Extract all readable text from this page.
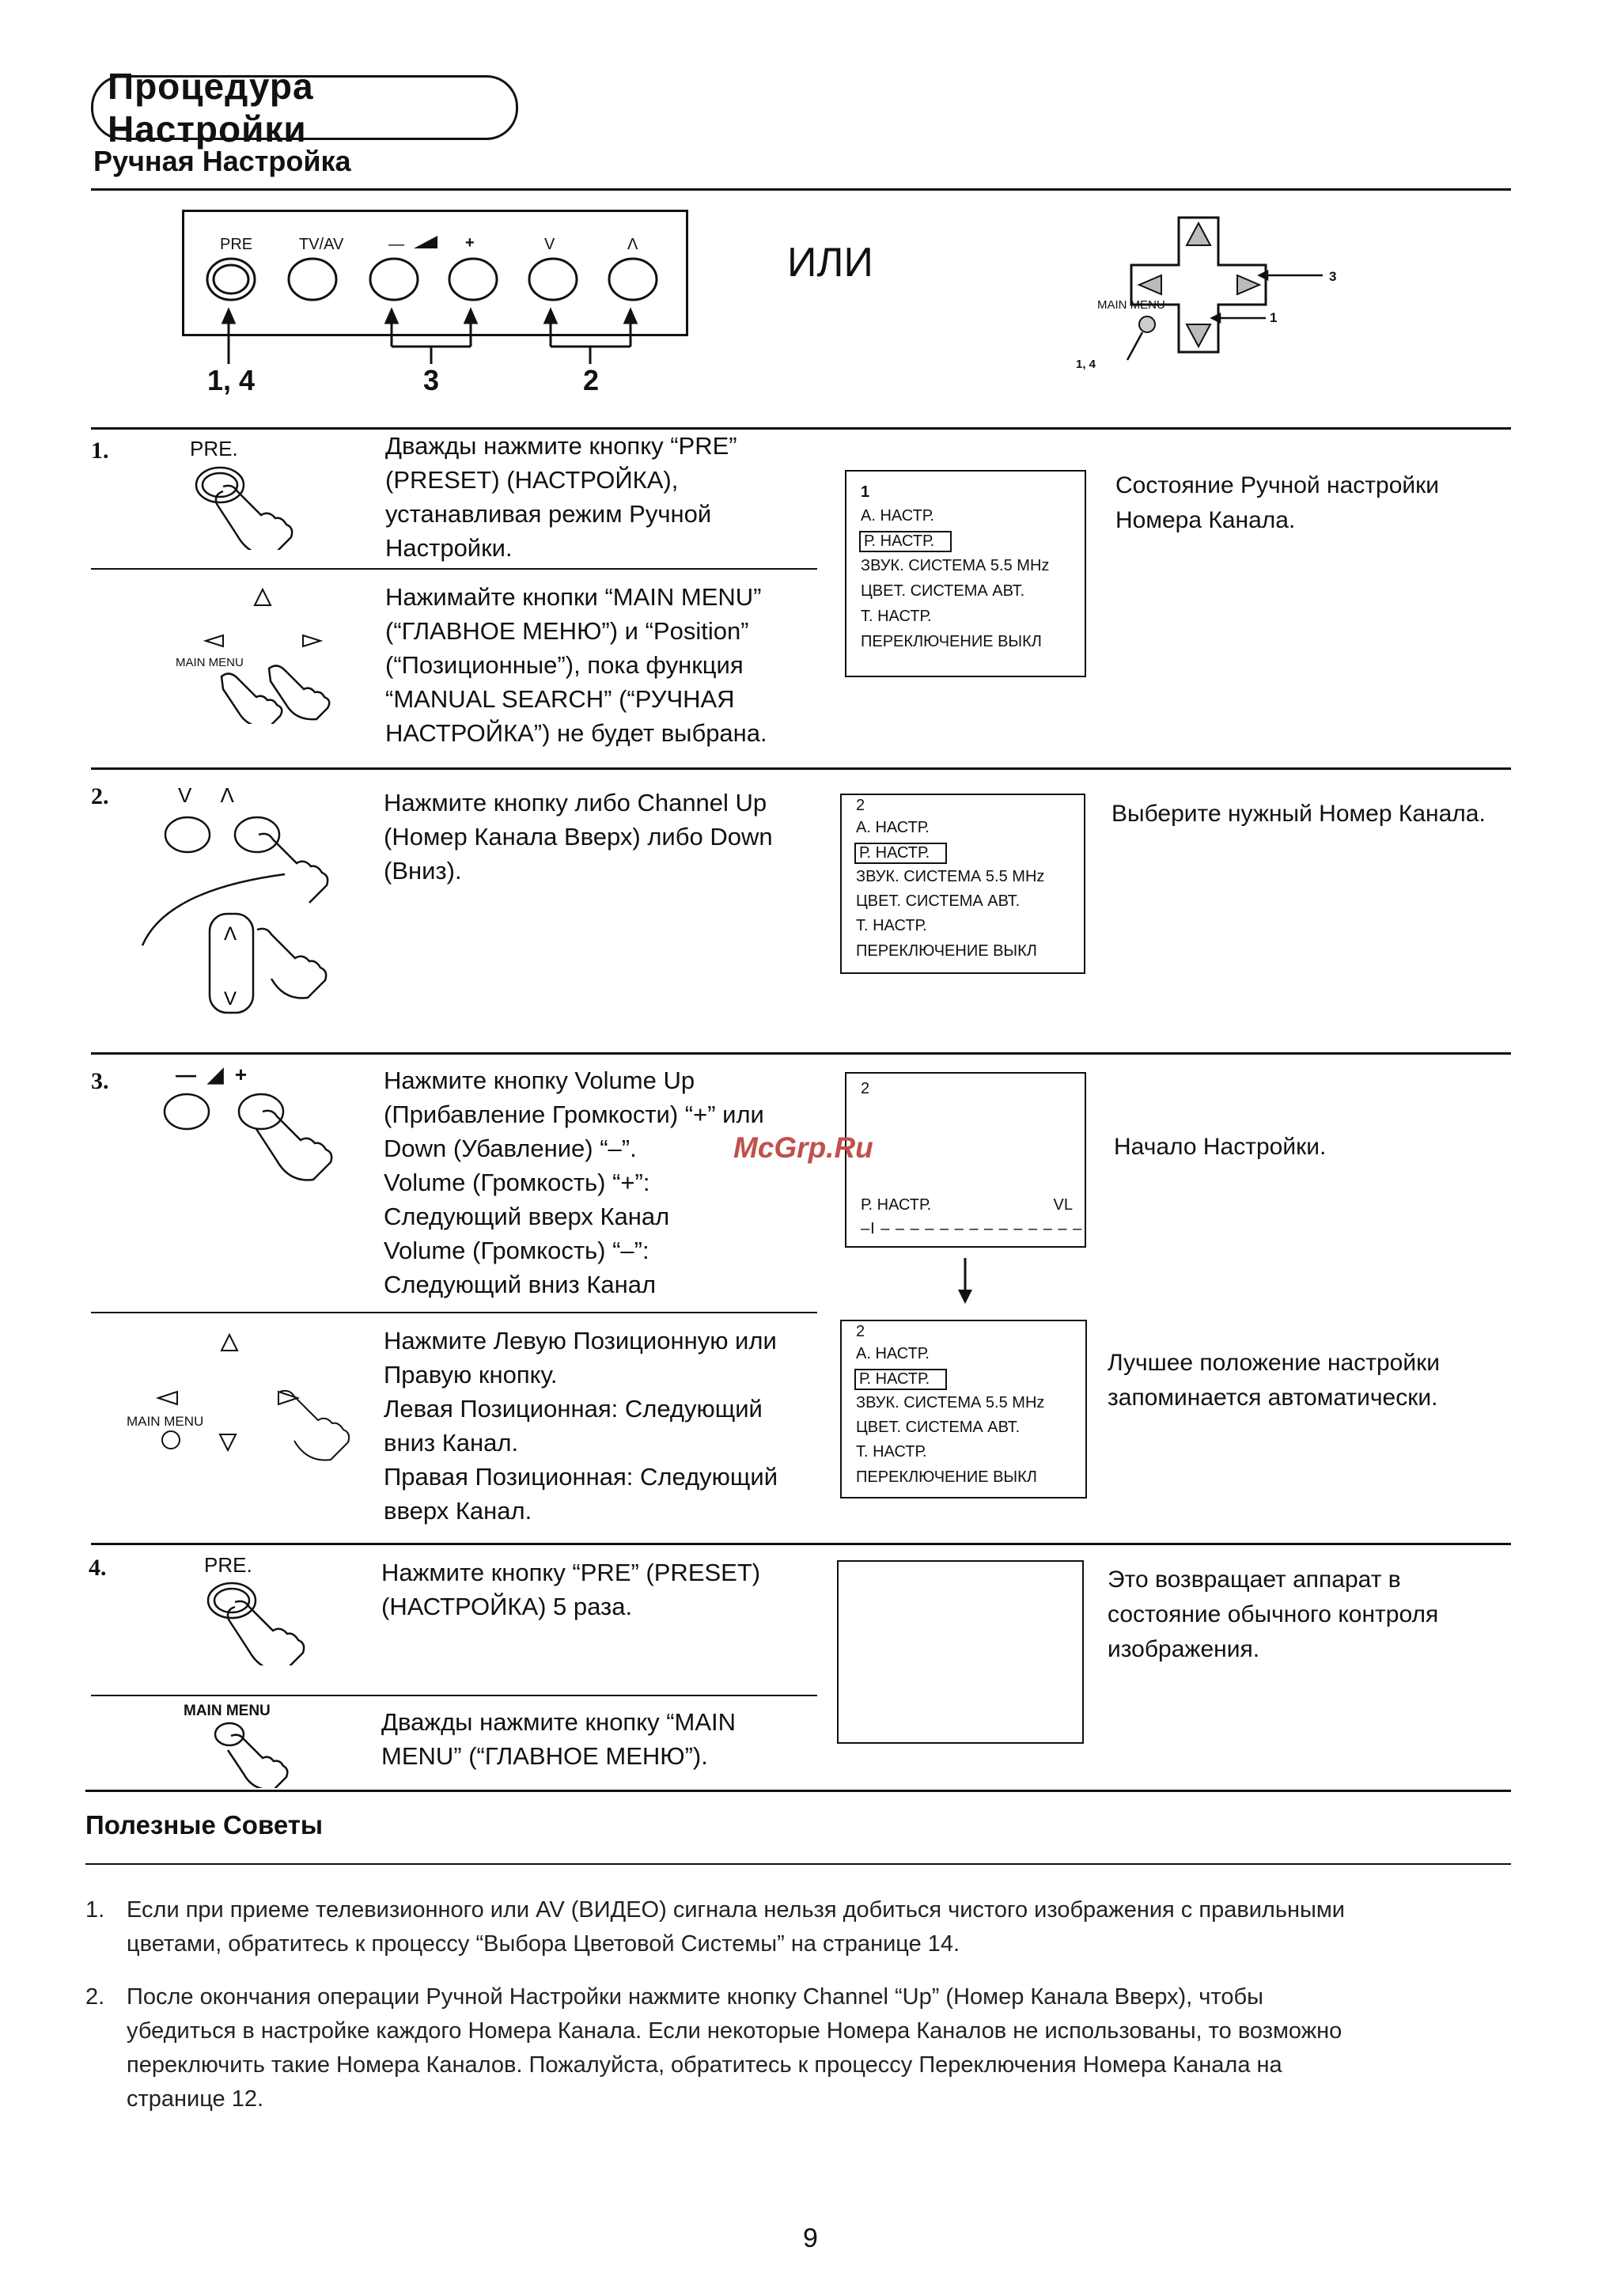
Процедура Настройки
Ручная Настройка
PRE	TV/AV	—	+	V	Λ
1, 4	3	2
ИЛИ
MAIN MENU
3
1
1, 4
1.	PRE.	Дважды нажмите кнопку “PRE”
(PRESET) (НАСТРОЙКА),
устанавливая режим Ручной
Настройки.
MAIN MENU
Нажимайте кнопки “MAIN MENU”
(“ГЛАВНОЕ МЕНЮ”) и “Position”
(“Позиционные”), пока функция
“MANUAL SEARCH” (“РУЧНАЯ
НАСТРОЙКА”) не будет выбрана.
1
А. НАСТР.
Р. НАСТР.
ЗВУК. СИСТЕМА 5.5 MHz
ЦВЕТ. СИСТЕМА АВТ.
Т. НАСТР.
ПЕРЕКЛЮЧЕНИЕ ВЫКЛ
Состояние Ручной настройки
Номера Канала.
2.	V     Λ
Λ
V
Нажмите кнопку либо Channel Up
(Номер Канала Вверх) либо Down
(Вниз).
2
А. НАСТР.
Р. НАСТР.
ЗВУК. СИСТЕМА 5.5 MHz
ЦВЕТ. СИСТЕМА АВТ.
Т. НАСТР.
ПЕРЕКЛЮЧЕНИЕ ВЫКЛ
Выберите нужный Номер Канала.
3.	—  ◢  +	Нажмите кнопку Volume Up
(Прибавление Громкости) “+” или
Down (Убавление) “–”.
Volume (Громкость) “+”:
Следующий вверх Канал
Volume (Громкость) “–”:
Следующий вниз Канал
2
Р. НАСТР.	VL
–I – – – – – – – – – – – – – –
Начало Настройки.
MAIN MENU
Нажмите Левую Позиционную или
Правую кнопку.
Левая Позиционная: Следующий
вниз Канал.
Правая Позиционная: Следующий
вверх Канал.
2
А. НАСТР.
Р. НАСТР.
ЗВУК. СИСТЕМА 5.5 MHz
ЦВЕТ. СИСТЕМА АВТ.
Т. НАСТР.
ПЕРЕКЛЮЧЕНИЕ ВЫКЛ
Лучшее положение настройки
запоминается автоматически.
4.	PRE.	Нажмите кнопку “PRE” (PRESET)
(НАСТРОЙКА) 5 раза.
MAIN MENU	Дважды нажмите кнопку “MAIN
MENU” (“ГЛАВНОЕ МЕНЮ”).
Это возвращает аппарат в
состояние обычного контроля
изображения.
McGrp.Ru
Полезные Советы
1. Если при приеме телевизионного или AV (ВИДЕО) сигнала нельзя добиться чистого изображения с правильными
цветами, обратитесь к процессу “Выбора Цветовой Системы” на странице 14.
2. После окончания операции Ручной Настройки нажмите кнопку Channel “Up” (Номер Канала Вверх), чтобы
убедиться в настройке каждого Номера Канала. Если некоторые Номера Каналов не использованы, то возможно
переключить такие Номера Каналов. Пожалуйста, обратитесь к процессу Переключения Номера Канала на
странице 12.
9
